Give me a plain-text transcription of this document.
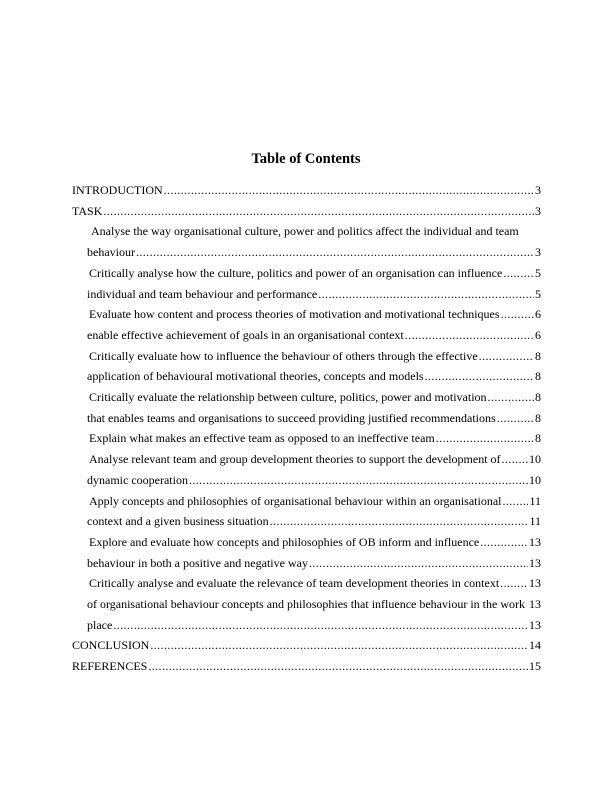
Table of Contents
INTRODUCTION .....	3
TASK .....	3
Analyse the way organisational culture, power and politics affect the individual and team
behaviour .....	3
Critically analyse how the culture, politics and power of an organisation can influence .....	5
individual and team behaviour and performance .....	5
Evaluate how content and process theories of motivation and motivational techniques .....	6
enable effective achievement of goals in an organisational context .....	6
Critically evaluate how to influence the behaviour of others through the effective .....	8
application of behavioural motivational theories, concepts and models .....	8
Critically evaluate the relationship between culture, politics, power and motivation .....	8
that enables teams and organisations to succeed providing justified recommendations .....	8
Explain what makes an effective team as opposed to an ineffective team .....	8
Analyse relevant team and group development theories to support the development of ..... 10
dynamic cooperation .....	10
Apply concepts and philosophies of organisational behaviour within an organisational ..... 11
context and a given business situation .....	11
Explore and evaluate how concepts and philosophies of OB inform and influence .....	13
behaviour in both a positive and negative way .....	13
Critically analyse and evaluate the relevance of team development theories in context ..... 13
of organisational behaviour concepts and philosophies that influence behaviour in the work 13
place .....	13
CONCLUSION .....	14
REFERENCES .....	15
